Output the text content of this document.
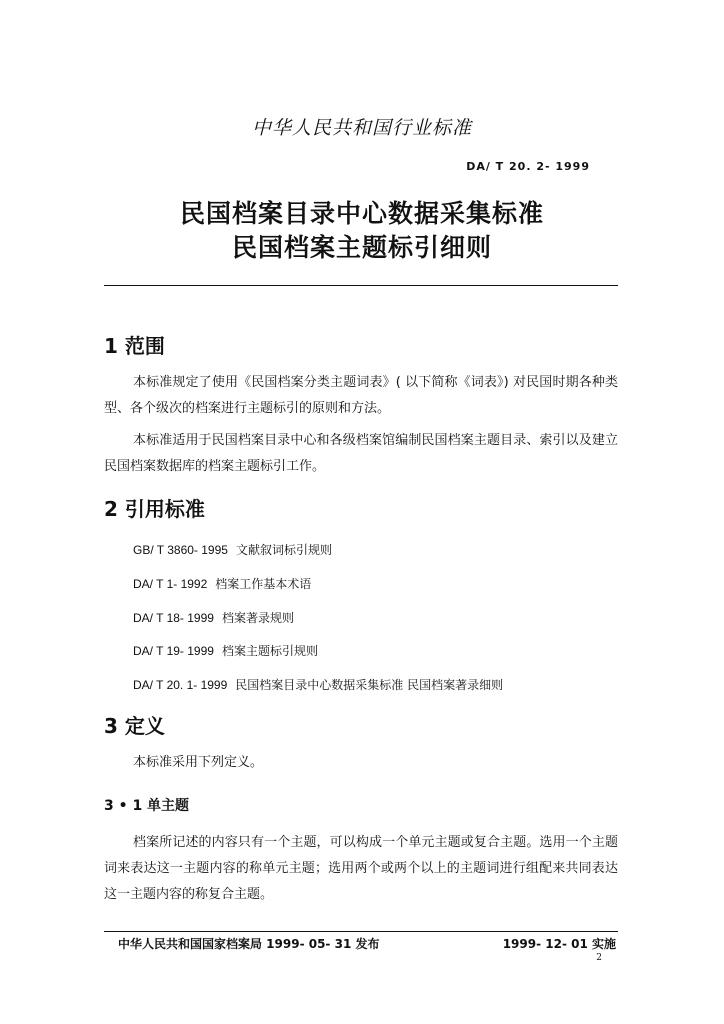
中华人民共和国行业标准
DA/ T 20. 2- 1999
民国档案目录中心数据采集标准
民国档案主题标引细则
1 范围
本标准规定了使用《民国档案分类主题词表》( 以下简称《词表》) 对民国时期各种类型、各个级次的档案进行主题标引的原则和方法。
本标准适用于民国档案目录中心和各级档案馆编制民国档案主题目录、索引以及建立民国档案数据库的档案主题标引工作。
2 引用标准
GB/ T 3860- 1995 文献叙词标引规则
DA/ T 1- 1992 档案工作基本术语
DA/ T 18- 1999 档案著录规则
DA/ T 19- 1999 档案主题标引规则
DA/ T 20. 1- 1999 民国档案目录中心数据采集标准 民国档案著录细则
3 定义
本标准采用下列定义。
3 • 1 单主题
档案所记述的内容只有一个主题，可以构成一个单元主题或复合主题。选用一个主题词来表达这一主题内容的称单元主题；选用两个或两个以上的主题词进行组配来共同表达这一主题内容的称复合主题。
中华人民共和国国家档案局 1999- 05- 31 发布	1999- 12- 01 实施
2
